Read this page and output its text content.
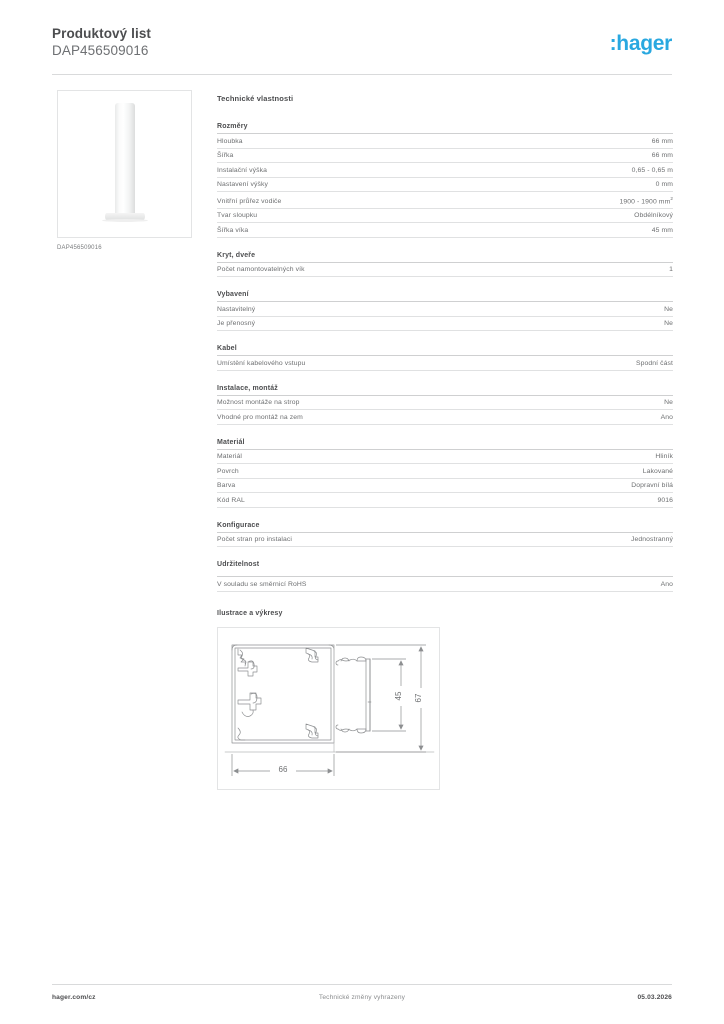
Produktový list
DAP456509016	:hager
DAP456509016
Technické vlastnosti
Rozměry
Hloubka	66 mm
Šířka	66 mm
Instalační výška	0,65 - 0,65 m
Nastavení výšky	0 mm
Vnitřní průřez vodiče	1900 - 1900 $mm^2$
Tvar sloupku	Obdélníkový
Šířka víka	45 mm
Kryt, dveře
Počet namontovatelných vík	1
Vybavení
Nastavitelný	Ne
Je přenosný	Ne
Kabel
Umístění kabelového vstupu	Spodní část
Instalace, montáž
Možnost montáže na strop	Ne
Vhodné pro montáž na zem	Ano
Materiál
Materiál	Hliník
Povrch	Lakované
Barva	Dopravní bílá
Kód RAL	9016
Konfigurace
Počet stran pro instalaci	Jednostranný
Udržitelnost
V souladu se směrnicí RoHS	Ano
Ilustrace a výkresy
66
45 67
hager.com/cz	Technické změny vyhrazeny	05.03.2026
